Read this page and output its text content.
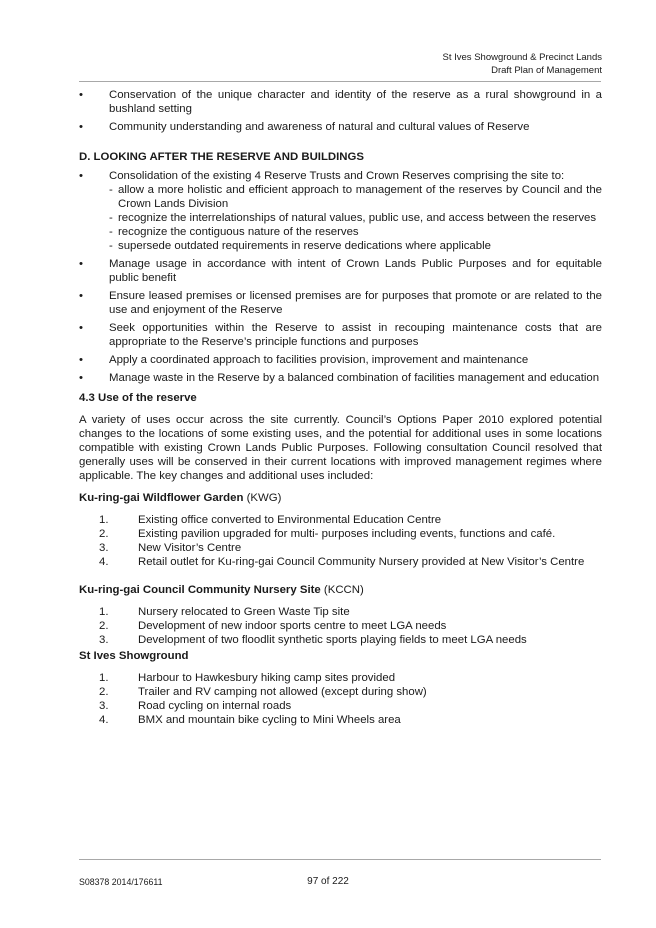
St Ives Showground & Precinct Lands
Draft Plan of Management
• Conservation of the unique character and identity of the reserve as a rural showground in a bushland setting
• Community understanding and awareness of natural and cultural values of Reserve
D. LOOKING AFTER THE RESERVE AND BUILDINGS
• Consolidation of the existing 4 Reserve Trusts and Crown Reserves comprising the site to:
- allow a more holistic and efficient approach to management of the reserves by Council and the Crown Lands Division
- recognize the interrelationships of natural values, public use, and access between the reserves
- recognize the contiguous nature of the reserves
- supersede outdated requirements in reserve dedications where applicable
• Manage usage in accordance with intent of Crown Lands Public Purposes and for equitable public benefit
• Ensure leased premises or licensed premises are for purposes that promote or are related to the use and enjoyment of the Reserve
• Seek opportunities within the Reserve to assist in recouping maintenance costs that are appropriate to the Reserve’s principle functions and purposes
• Apply a coordinated approach to facilities provision, improvement and maintenance
• Manage waste in the Reserve by a balanced combination of facilities management and education
4.3 Use of the reserve

A variety of uses occur across the site currently. Council’s Options Paper 2010 explored potential changes to the locations of some existing uses, and the potential for additional uses in some locations compatible with existing Crown Lands Public Purposes. Following consultation Council resolved that generally uses will be conserved in their current locations with improved management regimes where applicable. The key changes and additional uses included:

Ku-ring-gai Wildflower Garden (KWG)
1.	Existing office converted to Environmental Education Centre
2.	Existing pavilion upgraded for multi- purposes including events, functions and café.
3.	New Visitor’s Centre
4.	Retail outlet for Ku-ring-gai Council Community Nursery provided at New Visitor’s Centre
Ku-ring-gai Council Community Nursery Site (KCCN)
1.	Nursery relocated to Green Waste Tip site
2.	Development of new indoor sports centre to meet LGA needs
3.	Development of two floodlit synthetic sports playing fields to meet LGA needs
St Ives Showground
1.	Harbour to Hawkesbury hiking camp sites provided
2.	Trailer and RV camping not allowed (except during show)
3.	Road cycling on internal roads
4.	BMX and mountain bike cycling to Mini Wheels area
S08378 2014/176611	97 of 222
